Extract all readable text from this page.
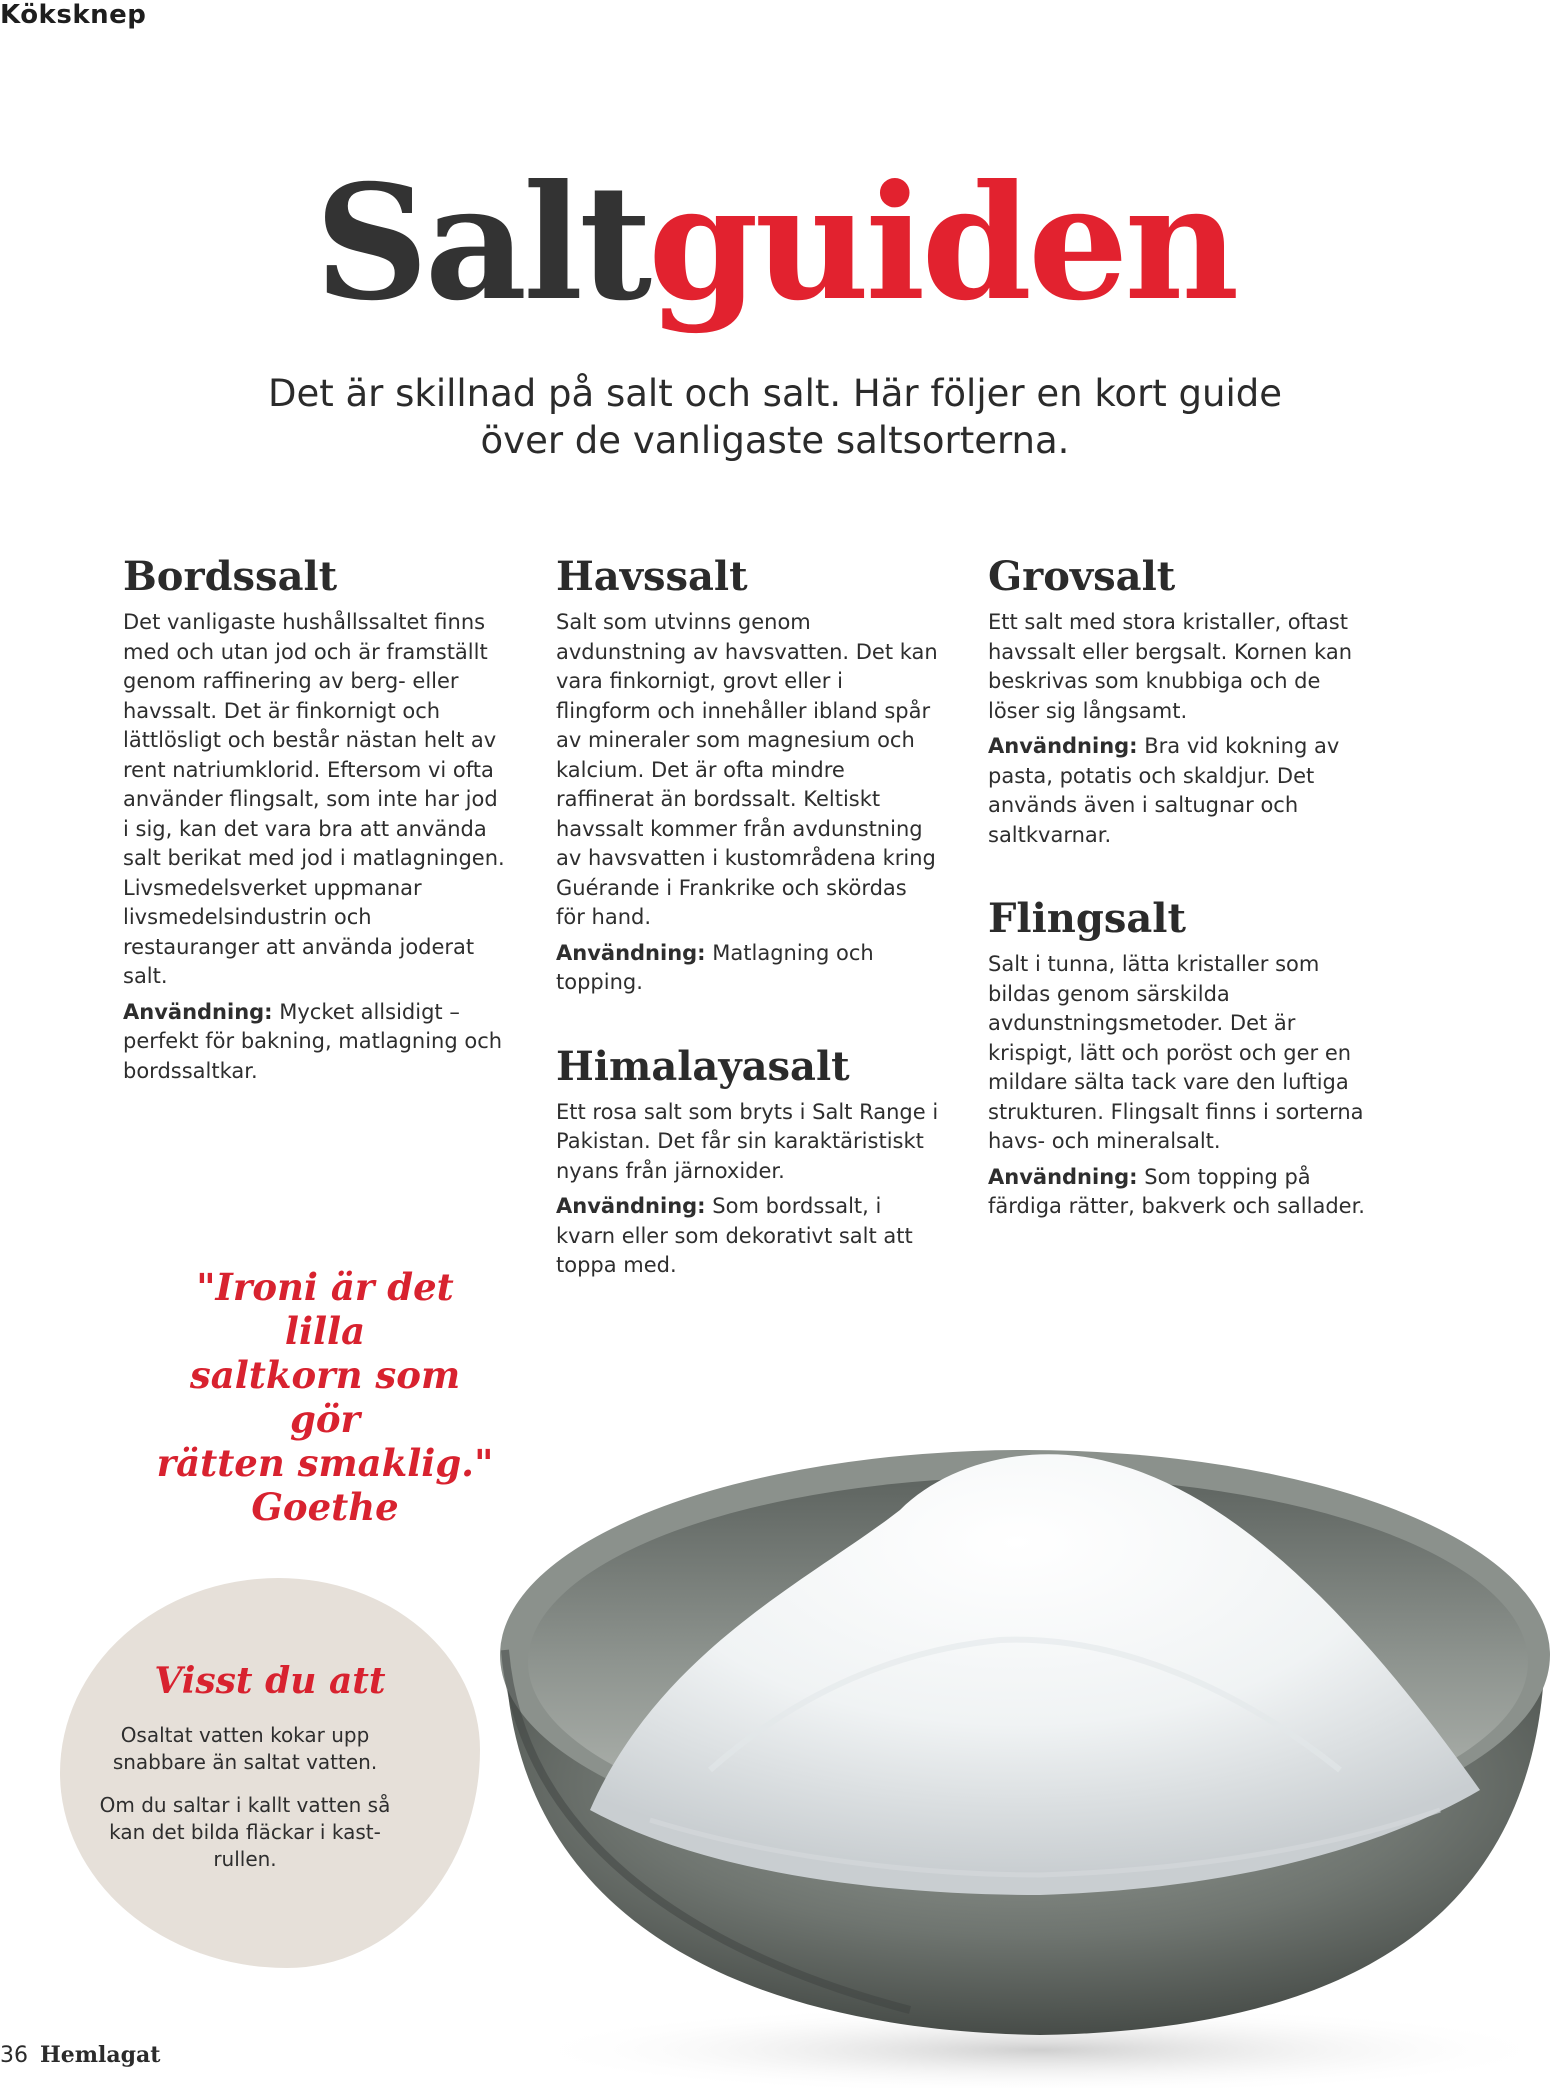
Köksknep
Saltguiden
Det är skillnad på salt och salt. Här följer en kort guide
över de vanligaste saltsorterna.
Bordssalt

Det vanligaste hushållssaltet finns med och utan jod och är framställt genom raffinering av berg- eller havssalt. Det är finkornigt och lättlösligt och består nästan helt av rent natriumklorid. Eftersom vi ofta använder flingsalt, som inte har jod i sig, kan det vara bra att använda salt berikat med jod i matlagningen. Livsmedelsverket uppmanar livsmedelsindustrin och restauranger att använda joderat salt.

Användning: Mycket allsidigt – perfekt för bakning, matlagning och bordssaltkar.

Havssalt

Salt som utvinns genom avdunstning av havsvatten. Det kan vara finkornigt, grovt eller i flingform och innehåller ibland spår av mineraler som magnesium och kalcium. Det är ofta mindre raffinerat än bordssalt. Keltiskt havssalt kommer från avdunstning av havsvatten i kustområdena kring Guérande i Frankrike och skördas för hand.

Användning: Matlagning och topping.

Himalayasalt

Ett rosa salt som bryts i Salt Range i Pakistan. Det får sin karaktäristiskt nyans från järnoxider.

Användning: Som bordssalt, i kvarn eller som dekorativt salt att toppa med.

Grovsalt

Ett salt med stora kristaller, oftast havssalt eller bergsalt. Kornen kan beskrivas som knubbiga och de löser sig långsamt.

Användning: Bra vid kokning av pasta, potatis och skaldjur. Det används även i saltugnar och saltkvarnar.

Flingsalt

Salt i tunna, lätta kristaller som bildas genom särskilda avdunstningsmetoder. Det är krispigt, lätt och poröst och ger en mildare sälta tack vare den luftiga strukturen. Flingsalt finns i sorterna havs- och mineralsalt.

Användning: Som topping på färdiga rätter, bakverk och sallader.

"Ironi är det lilla
saltkorn som gör
rätten smaklig."
Goethe
Visst du att
Osaltat vatten kokar upp
snabbare än saltat vatten.
Om du saltar i kallt vatten så
kan det bilda fläckar i kast-
rullen.
36 Hemlagat
